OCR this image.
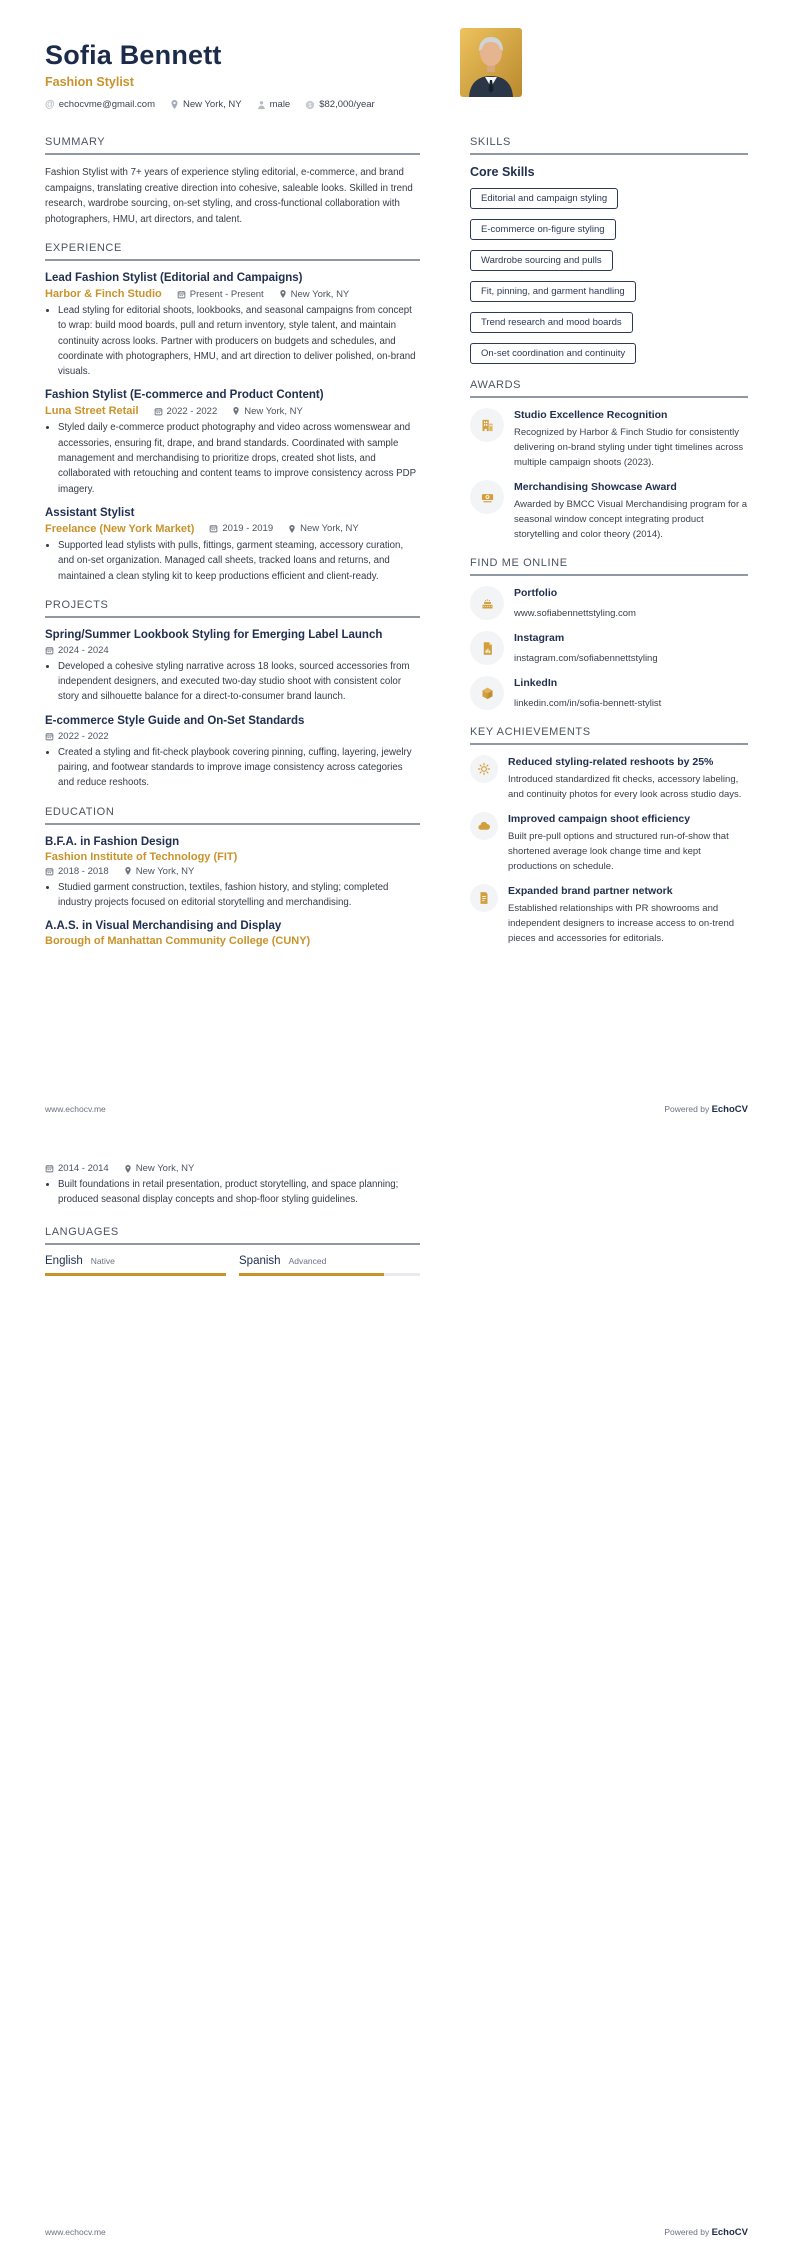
Sofia Bennett
Fashion Stylist
@ echocvme@gmail.com	New York, NY	male $ $82,000/year
SUMMARY
Fashion Stylist with 7+ years of experience styling editorial, e-commerce, and brand campaigns, translating creative direction into cohesive, saleable looks. Skilled in trend research, wardrobe sourcing, on-set styling, and cross-functional collaboration with photographers, HMU, art directors, and talent.
EXPERIENCE
Lead Fashion Stylist (Editorial and Campaigns)
Harbor & Finch Studio	Present - Present	New York, NY
• Lead styling for editorial shoots, lookbooks, and seasonal campaigns from concept to wrap: build mood boards, pull and return inventory, style talent, and maintain continuity across looks. Partner with producers on budgets and schedules, and coordinate with photographers, HMU, and art direction to deliver polished, on-brand visuals.
Fashion Stylist (E-commerce and Product Content)
Luna Street Retail	2022 - 2022	New York, NY
• Styled daily e-commerce product photography and video across womenswear and accessories, ensuring fit, drape, and brand standards. Coordinated with sample management and merchandising to prioritize drops, created shot lists, and collaborated with retouching and content teams to improve consistency across PDP imagery.
Assistant Stylist
Freelance (New York Market)	2019 - 2019	New York, NY
• Supported lead stylists with pulls, fittings, garment steaming, accessory curation, and on-set organization. Managed call sheets, tracked loans and returns, and maintained a clean styling kit to keep productions efficient and client-ready.
PROJECTS
Spring/Summer Lookbook Styling for Emerging Label Launch
2024 - 2024
• Developed a cohesive styling narrative across 18 looks, sourced accessories from independent designers, and executed two-day studio shoot with consistent color story and silhouette balance for a direct-to-consumer brand launch.
E-commerce Style Guide and On-Set Standards
2022 - 2022
• Created a styling and fit-check playbook covering pinning, cuffing, layering, jewelry pairing, and footwear standards to improve image consistency across categories and reduce reshoots.
EDUCATION
B.F.A. in Fashion Design
Fashion Institute of Technology (FIT)
2018 - 2018	New York, NY
• Studied garment construction, textiles, fashion history, and styling; completed industry projects focused on editorial storytelling and merchandising.
A.A.S. in Visual Merchandising and Display
Borough of Manhattan Community College (CUNY)
SKILLS
Core Skills
Editorial and campaign styling
E-commerce on-figure styling
Wardrobe sourcing and pulls
Fit, pinning, and garment handling
Trend research and mood boards
On-set coordination and continuity
AWARDS
Studio Excellence Recognition
Recognized by Harbor & Finch Studio for consistently delivering on-brand styling under tight timelines across multiple campaign shoots (2023).
Merchandising Showcase Award
Awarded by BMCC Visual Merchandising program for a seasonal window concept integrating product storytelling and color theory (2014).
FIND ME ONLINE
Portfolio
www.sofiabennettstyling.com
Instagram
instagram.com/sofiabennettstyling
LinkedIn
linkedin.com/in/sofia-bennett-stylist
KEY ACHIEVEMENTS
Reduced styling-related reshoots by 25%
Introduced standardized fit checks, accessory labeling, and continuity photos for every look across studio days.
Improved campaign shoot efficiency
Built pre-pull options and structured run-of-show that shortened average look change time and kept productions on schedule.
Expanded brand partner network
Established relationships with PR showrooms and independent designers to increase access to on-trend pieces and accessories for editorials.
www.echocv.me	Powered by EchoCV
2014 - 2014	New York, NY
• Built foundations in retail presentation, product storytelling, and space planning; produced seasonal display concepts and shop-floor styling guidelines.
LANGUAGES
English Native	Spanish Advanced
www.echocv.me	Powered by EchoCV
